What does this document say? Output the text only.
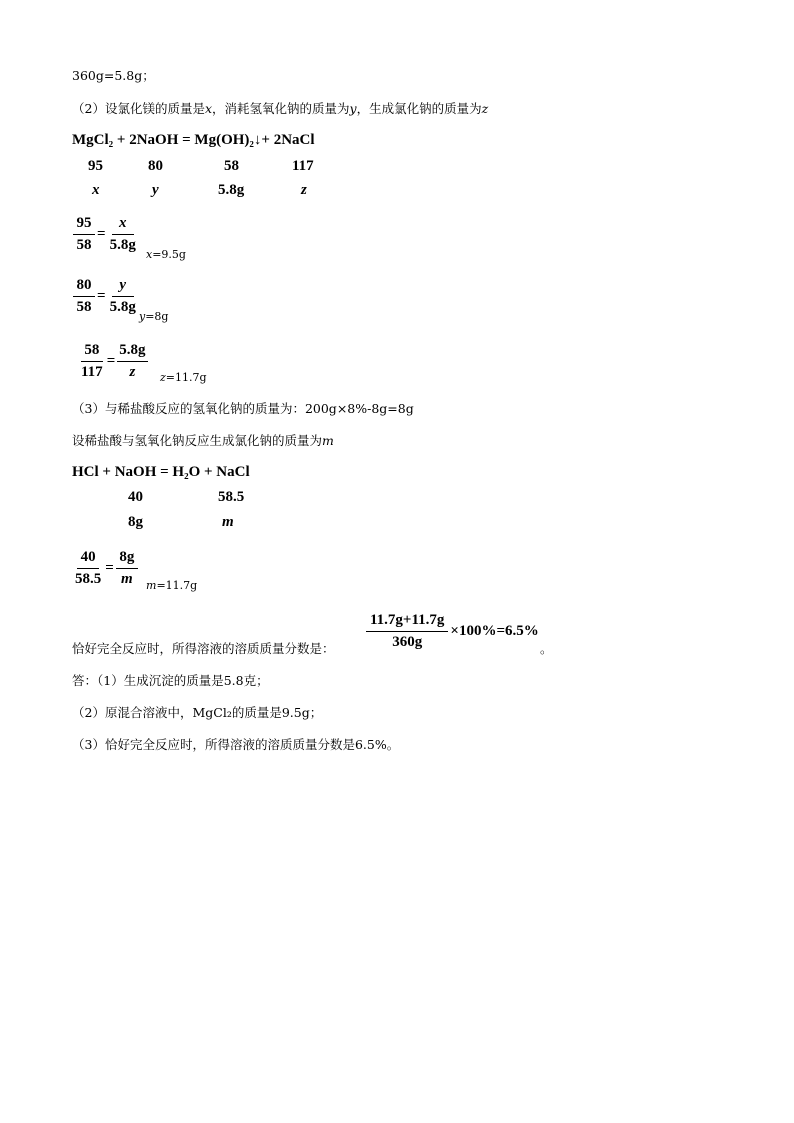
360g=5.8g；
（2）设氯化镁的质量是x，消耗氢氧化钠的质量为y，生成氯化钠的质量为z
MgCl₂ + 2NaOH = Mg(OH)₂↓+ 2NaCl
95	80	58	117
x	y	5.8g	z
$\frac{95}{58} = \frac{x}{5.8g}$
x=9.5g
$\frac{80}{58} = \frac{y}{5.8g}$
y=8g
$\frac{58}{117} = \frac{5.8g}{z} z=11.7g$
（3）与稀盐酸反应的氢氧化钠的质量为：200g×8%-8g=8g
设稀盐酸与氢氧化钠反应生成氯化钠的质量为m
HCl + NaOH = H₂O + NaCl
40	58.5
8g	m
$\frac{40}{58.5} = \frac{8g}{m} m=11.7g$
恰好完全反应时，所得溶液的溶质质量分数是： $\frac{11.7g+11.7g}{360g} \times 100\%=6.5\%$
。
答：（1）生成沉淀的质量是5.8克；
（2）原混合溶液中，MgCl₂的质量是9.5g；
（3）恰好完全反应时，所得溶液的溶质质量分数是6.5%。
